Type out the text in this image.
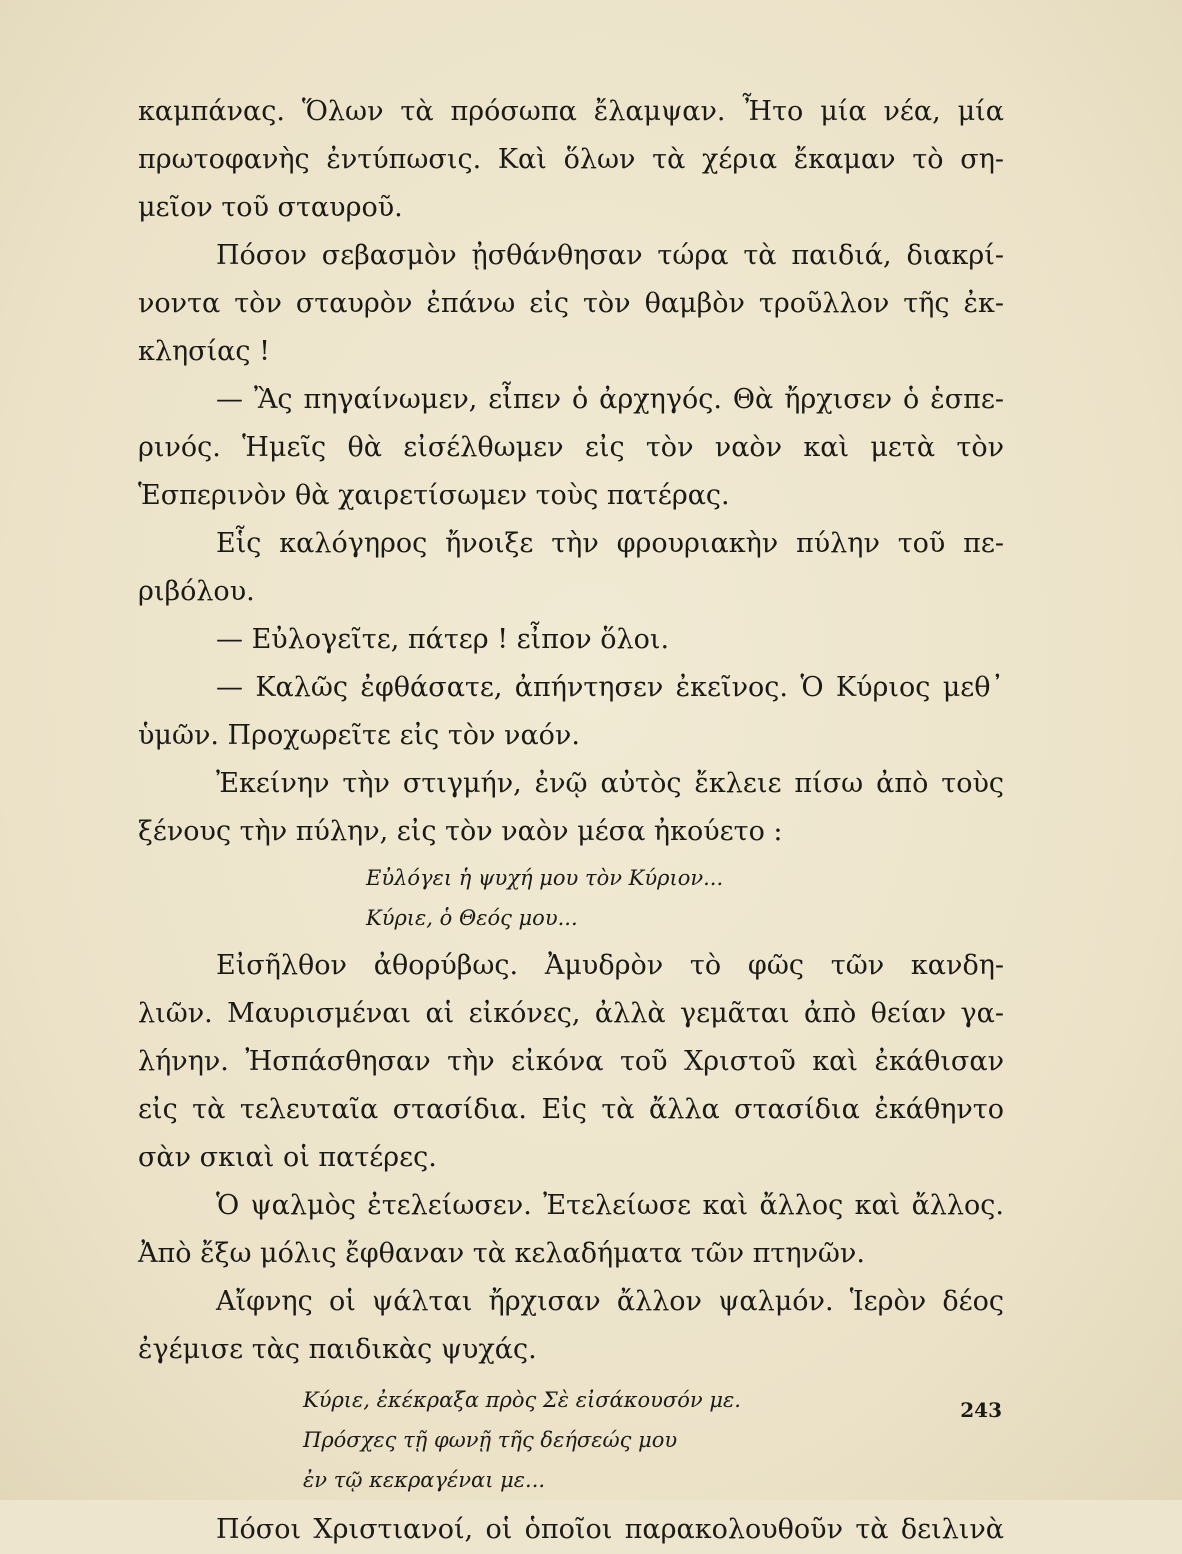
καμπάνας. Ὅλων τὰ πρόσωπα ἔλαμψαν. Ἦτο μία νέα, μία
πρωτοφανὴς ἐντύπωσις. Καὶ ὅλων τὰ χέρια ἔκαμαν τὸ ση-
μεῖον τοῦ σταυροῦ.
Πόσον σεβασμὸν ᾐσθάνθησαν τώρα τὰ παιδιά, διακρί-
νοντα τὸν σταυρὸν ἐπάνω εἰς τὸν θαμβὸν τροῦλλον τῆς ἐκ-
κλησίας !
— Ἂς πηγαίνωμεν, εἶπεν ὁ ἀρχηγός. Θὰ ἤρχισεν ὁ ἑσπε-
ρινός. Ἡμεῖς θὰ εἰσέλθωμεν εἰς τὸν ναὸν καὶ μετὰ τὸν
Ἑσπερινὸν θὰ χαιρετίσωμεν τοὺς πατέρας.
Εἷς καλόγηρος ἤνοιξε τὴν φρουριακὴν πύλην τοῦ πε-
ριβόλου.
— Εὐλογεῖτε, πάτερ ! εἶπον ὅλοι.
— Καλῶς ἐφθάσατε, ἀπήντησεν ἐκεῖνος. Ὁ Κύριος μεθ᾿
ὑμῶν. Προχωρεῖτε εἰς τὸν ναόν.
Ἐκείνην τὴν στιγμήν, ἐνῷ αὐτὸς ἔκλειε πίσω ἀπὸ τοὺς
ξένους τὴν πύλην, εἰς τὸν ναὸν μέσα ἠκούετο :
Εὐλόγει ἡ ψυχή μου τὸν Κύριον...
Κύριε, ὁ Θεός μου...
Εἰσῆλθον ἀθορύβως. Ἀμυδρὸν τὸ φῶς τῶν κανδη-
λιῶν. Μαυρισμέναι αἱ εἰκόνες, ἀλλὰ γεμᾶται ἀπὸ θείαν γα-
λήνην. Ἠσπάσθησαν τὴν εἰκόνα τοῦ Χριστοῦ καὶ ἐκάθισαν
εἰς τὰ τελευταῖα στασίδια. Εἰς τὰ ἄλλα στασίδια ἐκάθηντο
σὰν σκιαὶ οἱ πατέρες.
Ὁ ψαλμὸς ἐτελείωσεν. Ἐτελείωσε καὶ ἄλλος καὶ ἄλλος.
Ἀπὸ ἔξω μόλις ἔφθαναν τὰ κελαδήματα τῶν πτηνῶν.
Αἴφνης οἱ ψάλται ἤρχισαν ἄλλον ψαλμόν. Ἱερὸν δέος
ἐγέμισε τὰς παιδικὰς ψυχάς.
Κύριε, ἐκέκραξα πρὸς Σὲ εἰσάκουσόν με.
Πρόσχες τῇ φωνῇ τῆς δεήσεώς μου
ἐν τῷ κεκραγέναι με...
Πόσοι Χριστιανοί, οἱ ὁποῖοι παρακολουθοῦν τὰ δειλινὰ
243
